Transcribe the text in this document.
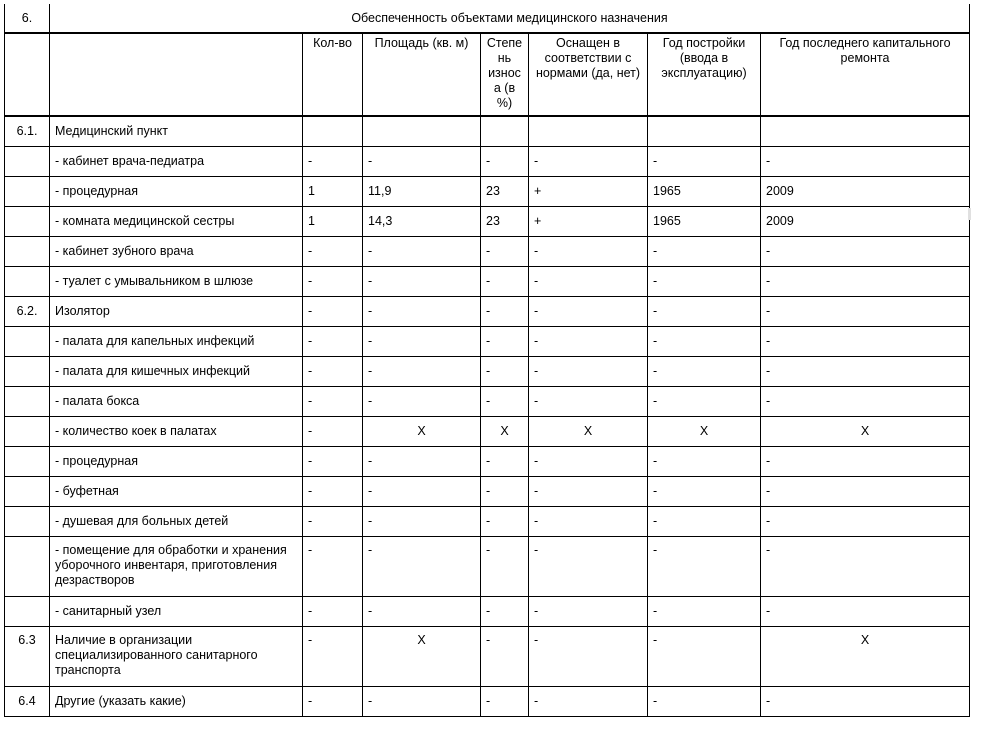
6.	Обеспеченность объектами медицинского назначения						
		Кол-во	Площадь (кв. м)	Степе нь износ а (в %)	Оснащен в соответствии с нормами (да, нет)	Год постройки (ввода в эксплуатацию)	Год последнего капитального ремонта
6.1.	Медицинский пункт						
	- кабинет врача-педиатра	-	-	-	-	-	-
	- процедурная	1	11,9	23	+	1965	2009
	- комната медицинской сестры	1	14,3	23	+	1965	2009
	- кабинет зубного врача	-	-	-	-	-	-
	- туалет с умывальником в шлюзе	-	-	-	-	-	-
6.2.	Изолятор	-	-	-	-	-	-
	- палата для капельных инфекций	-	-	-	-	-	-
	- палата для кишечных инфекций	-	-	-	-	-	-
	- палата бокса	-	-	-	-	-	-
	- количество коек в палатах	-	X	X	X	X	X
	- процедурная	-	-	-	-	-	-
	- буфетная	-	-	-	-	-	-
	- душевая для больных детей	-	-	-	-	-	-
	- помещение для обработки и хранения уборочного инвентаря, приготовления дезрастворов	-	-	-	-	-	-
	- санитарный узел	-	-	-	-	-	-
6.3	Наличие в организации специализированного санитарного транспорта	-	X	-	-	-	X
6.4	Другие (указать какие)	-	-	-	-	-	-
